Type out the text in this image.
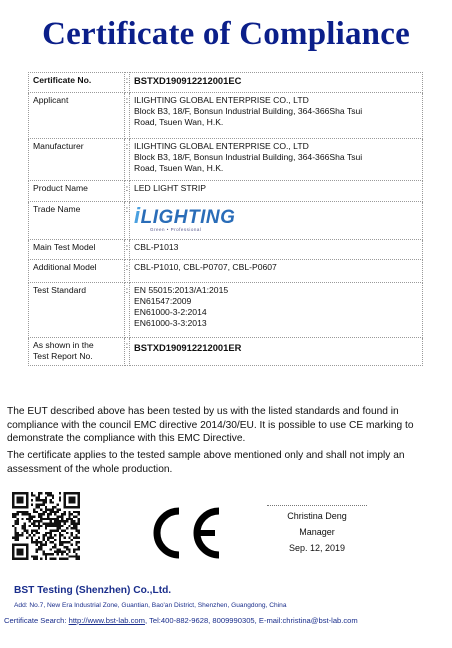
Certificate of Compliance
Certificate No.	:	BSTXD190912212001EC
Applicant	:	ILIGHTING GLOBAL ENTERPRISE CO., LTD
Block B3, 18/F, Bonsun Industrial Building, 364-366Sha Tsui
Road, Tsuen Wan, H.K.

Manufacturer	:	ILIGHTING GLOBAL ENTERPRISE CO., LTD
Block B3, 18/F, Bonsun Industrial Building, 364-366Sha Tsui
Road, Tsuen Wan, H.K.

Product Name	:	LED LIGHT STRIP
Trade Name	:	iLIGHTING
Green • Professional

Main Test Model	:	CBL-P1013
Additional Model	:	CBL-P1010, CBL-P0707, CBL-P0607
Test Standard	:	EN 55015:2013/A1:2015
EN61547:2009
EN61000-3-2:2014
EN61000-3-3:2013

As shown in the
Test Report No.	:	BSTXD190912212001ER
The EUT described above has been tested by us with the listed standards and found in compliance with the council EMC directive 2014/30/EU. It is possible to use CE marking to demonstrate the compliance with this EMC Directive.
The certificate applies to the tested sample above mentioned only and shall not imply an assessment of the whole production.
Christina Deng
Manager
Sep. 12, 2019
BST Testing (Shenzhen) Co.,Ltd.
Add: No.7, New Era Industrial Zone, Guantian, Bao'an District, Shenzhen, Guangdong, China
Certificate Search: http://www.bst-lab.com, Tel:400-882-9628, 8009990305, E-mail:christina@bst-lab.com
